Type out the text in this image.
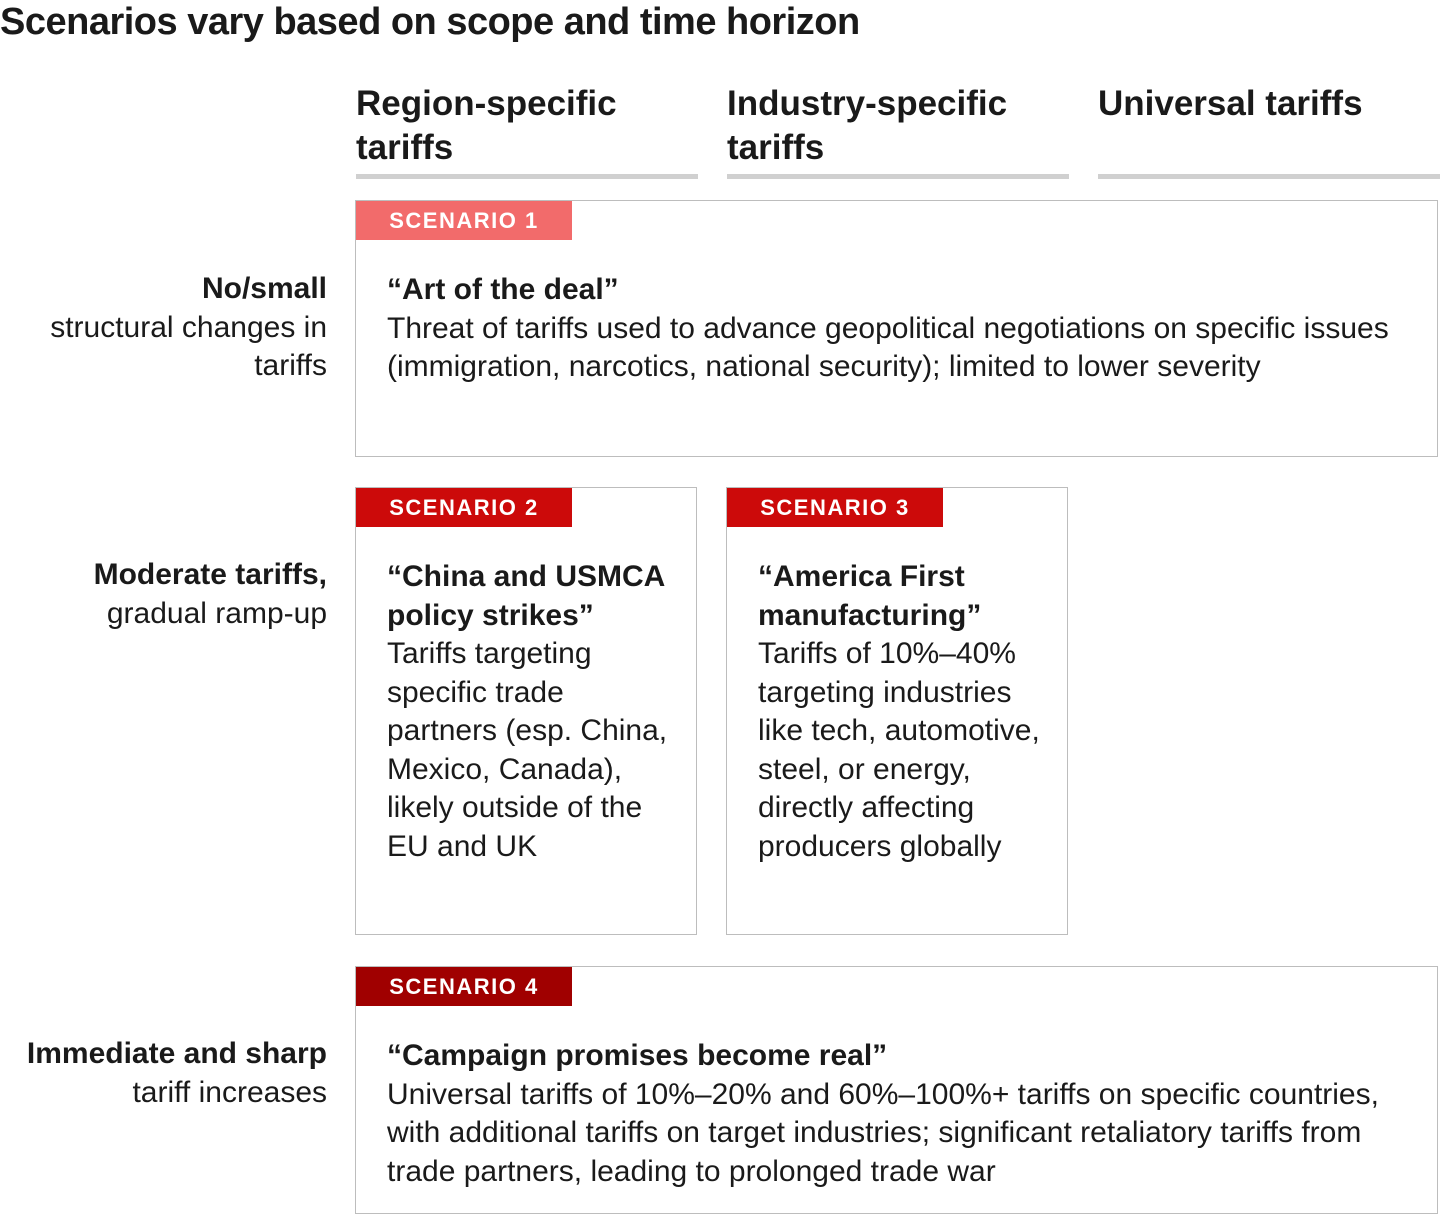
Scenarios vary based on scope and time horizon
Region-specific tariffs
Industry-specific tariffs
Universal tariffs
No/small
structural changes in tariffs
Moderate tariffs,
gradual ramp-up
Immediate and sharp
tariff increases
SCENARIO 1
“Art of the deal”
Threat of tariffs used to advance geopolitical negotiations on specific issues (immigration, narcotics, national security); limited to lower severity
SCENARIO 2
“China and USMCA policy strikes”
Tariffs targeting specific trade partners (esp. China, Mexico, Canada), likely outside of the EU and UK
SCENARIO 3
“America First manufacturing”
Tariffs of 10%–40% targeting industries like tech, automotive, steel, or energy, directly affecting producers globally
SCENARIO 4
“Campaign promises become real”
Universal tariffs of 10%–20% and 60%–100%+ tariffs on specific countries, with additional tariffs on target industries; significant retaliatory tariffs from trade partners, leading to prolonged trade war
